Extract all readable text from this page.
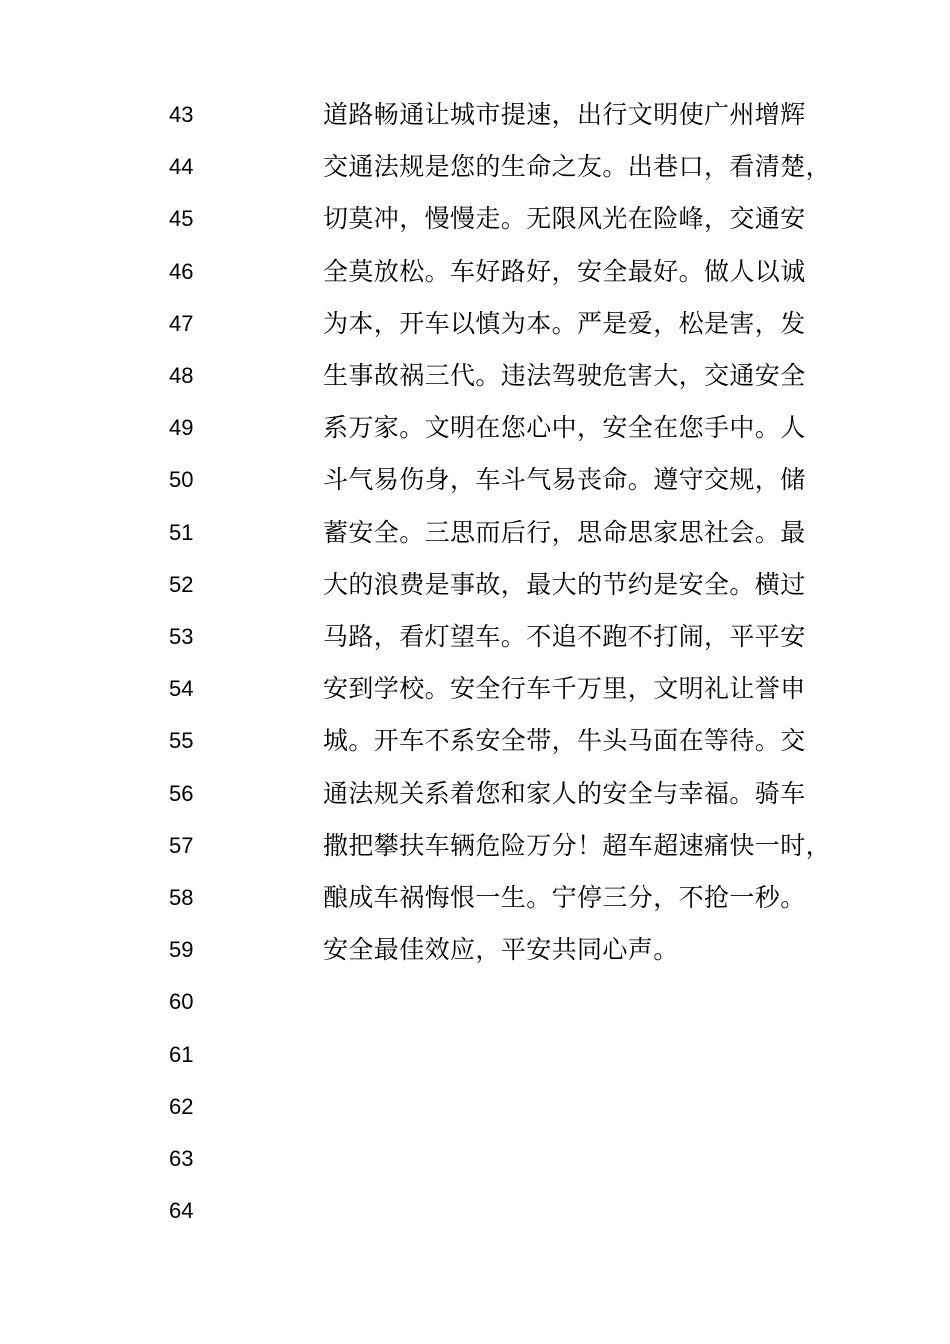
43	道路畅通让城市提速，出行文明使广州增辉
44	交通法规是您的生命之友。出巷口，看清楚，
45	切莫冲，慢慢走。无限风光在险峰，交通安
46	全莫放松。车好路好，安全最好。做人以诚
47	为本，开车以慎为本。严是爱，松是害，发
48	生事故祸三代。违法驾驶危害大，交通安全
49	系万家。文明在您心中，安全在您手中。人
50	斗气易伤身，车斗气易丧命。遵守交规，储
51	蓄安全。三思而后行，思命思家思社会。最
52	大的浪费是事故，最大的节约是安全。横过
53	马路，看灯望车。不追不跑不打闹，平平安
54	安到学校。安全行车千万里，文明礼让誉申
55	城。开车不系安全带，牛头马面在等待。交
56	通法规关系着您和家人的安全与幸福。骑车
57	撒把攀扶车辆危险万分！超车超速痛快一时，
58	酿成车祸悔恨一生。宁停三分，不抢一秒。
59	安全最佳效应，平安共同心声。
60
61
62
63
64
